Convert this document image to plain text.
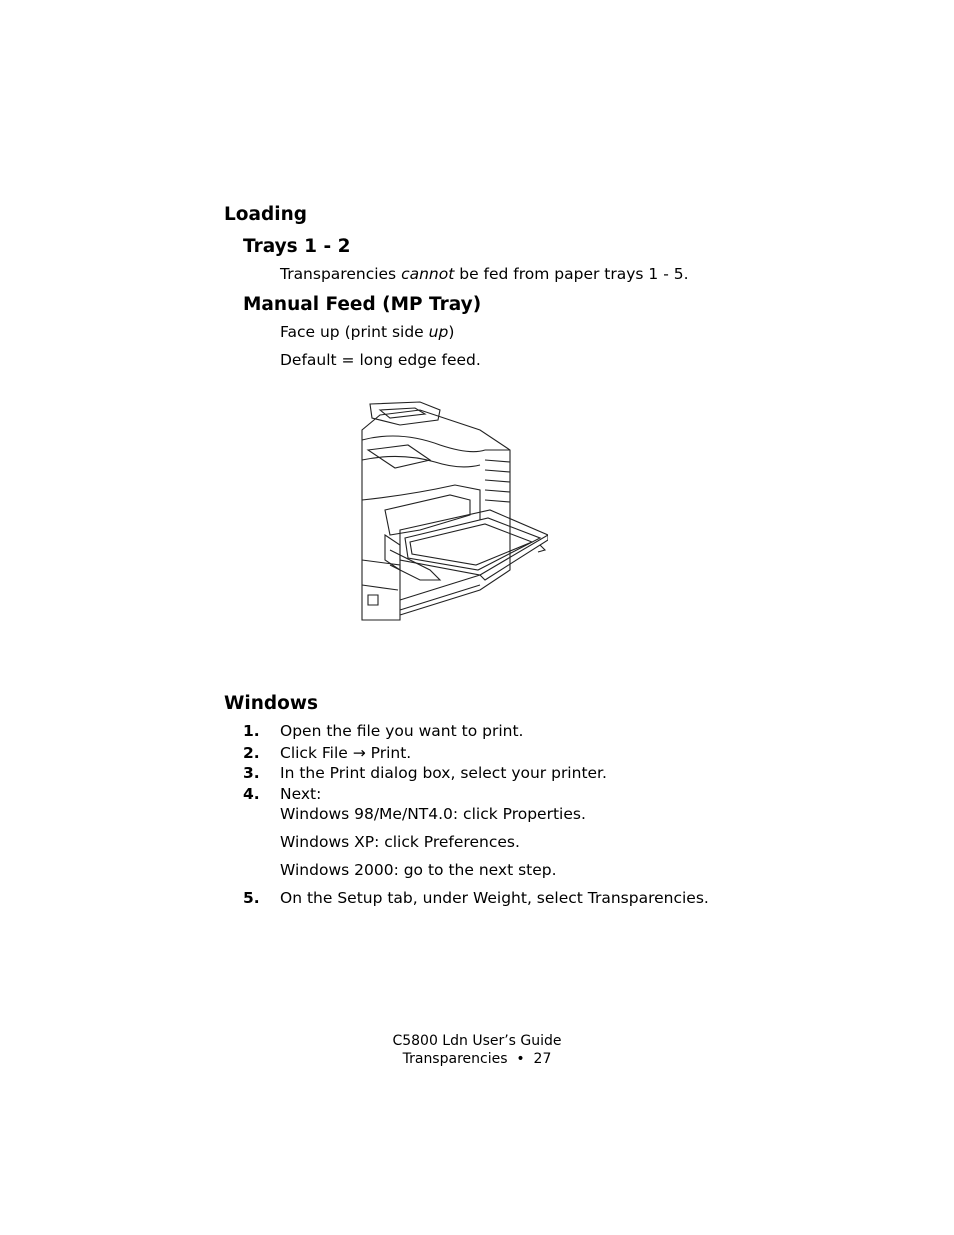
Loading
Trays 1 - 2
Transparencies cannot be fed from paper trays 1 - 5.
Manual Feed (MP Tray)
Face up (print side up)
Default = long edge feed.
Windows
1. Open the file you want to print.
2. Click File → Print.
3. In the Print dialog box, select your printer.
4. Next:
Windows 98/Me/NT4.0: click Properties.
Windows XP: click Preferences.
Windows 2000: go to the next step.
5. On the Setup tab, under Weight, select Transparencies.
C5800 Ldn User’s Guide
Transparencies  •  27
